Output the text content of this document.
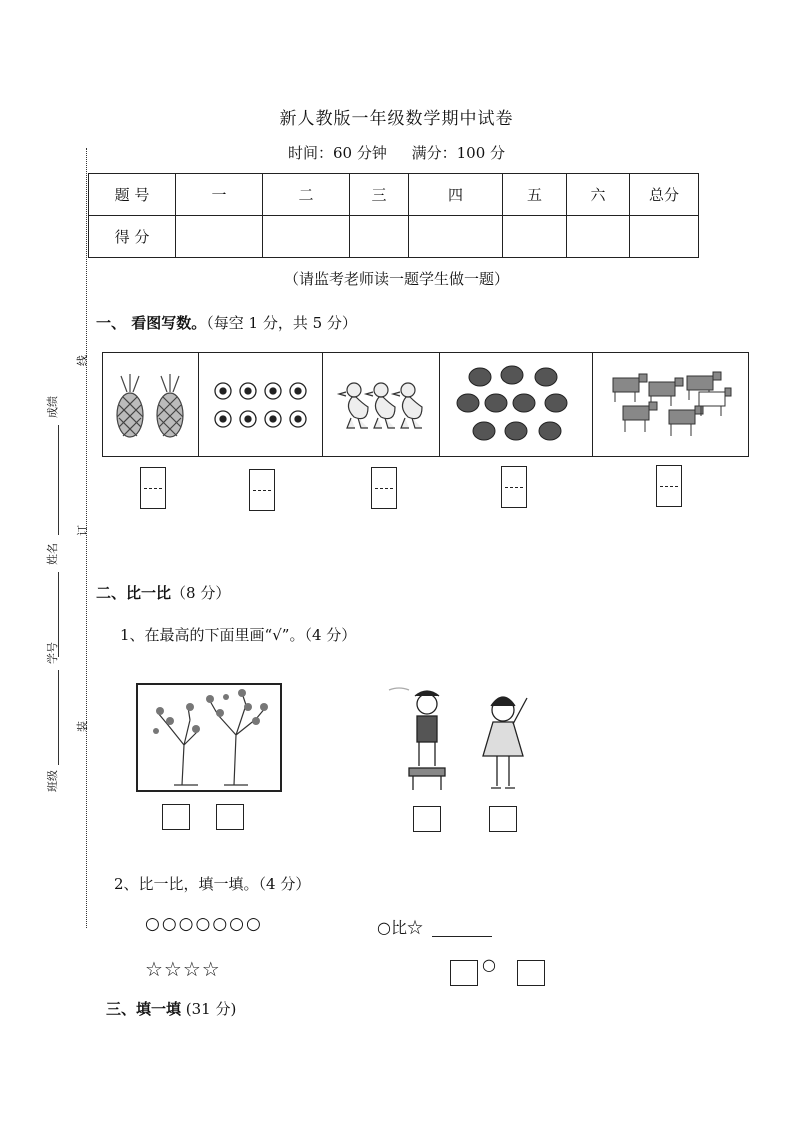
新人教版一年级数学期中试卷
时间：60 分钟 满分：100 分
题 号	一	二	三	四	五	六	总分
得 分							
（请监考老师读一题学生做一题）
线
订
装
成绩
姓名
学号
班级
一、 看图写数。（每空 1 分，共 5 分）
二、比一比（8 分）
1、在最高的下面里画“√”。（4 分）
2、比一比，填一填。（4 分）
○○○○○○○
☆☆☆☆
○比☆
○
三、填一填 (31 分)
